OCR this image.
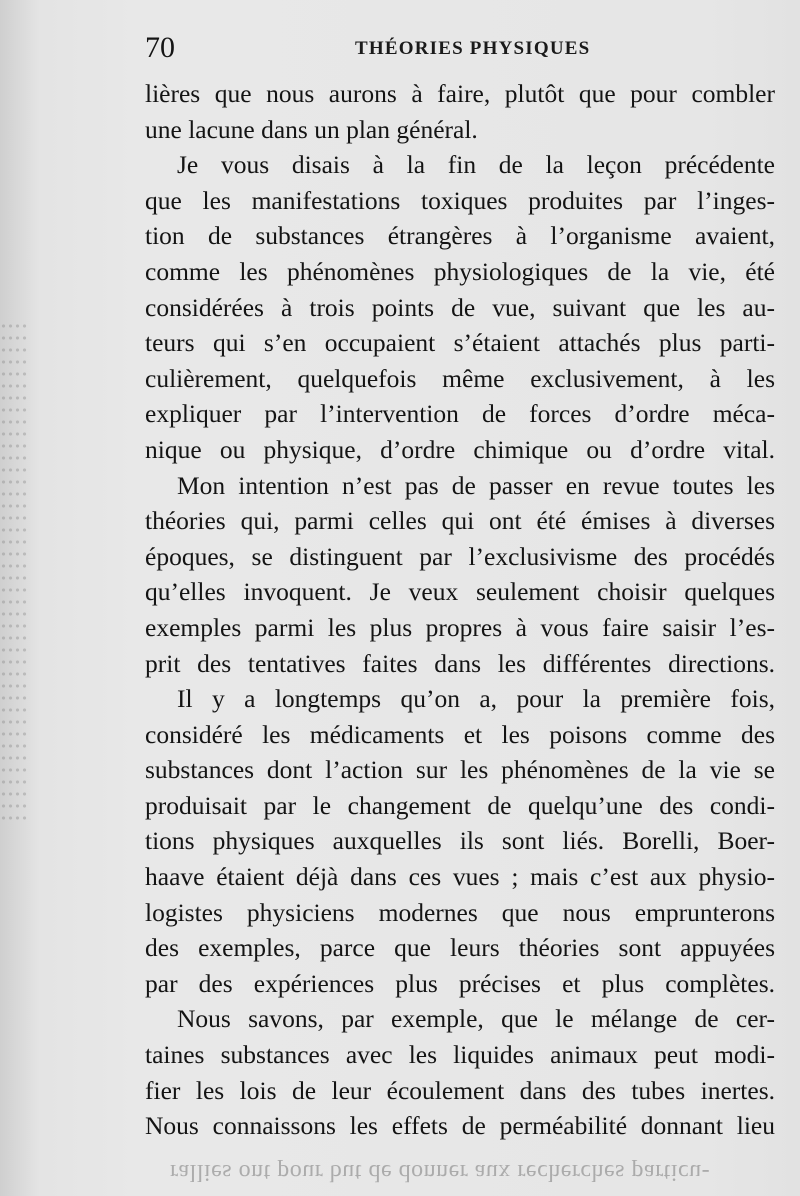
70	THÉORIES PHYSIQUES
lières que nous aurons à faire, plutôt que pour combler
une lacune dans un plan général.
Je vous disais à la fin de la leçon précédente
que les manifestations toxiques produites par l’inges-
tion de substances étrangères à l’organisme avaient,
comme les phénomènes physiologiques de la vie, été
considérées à trois points de vue, suivant que les au-
teurs qui s’en occupaient s’étaient attachés plus parti-
culièrement, quelquefois même exclusivement, à les
expliquer par l’intervention de forces d’ordre méca-
nique ou physique, d’ordre chimique ou d’ordre vital.
Mon intention n’est pas de passer en revue toutes les
théories qui, parmi celles qui ont été émises à diverses
époques, se distinguent par l’exclusivisme des procédés
qu’elles invoquent. Je veux seulement choisir quelques
exemples parmi les plus propres à vous faire saisir l’es-
prit des tentatives faites dans les différentes directions.
Il y a longtemps qu’on a, pour la première fois,
considéré les médicaments et les poisons comme des
substances dont l’action sur les phénomènes de la vie se
produisait par le changement de quelqu’une des condi-
tions physiques auxquelles ils sont liés. Borelli, Boer-
haave étaient déjà dans ces vues ; mais c’est aux physio-
logistes physiciens modernes que nous emprunterons
des exemples, parce que leurs théories sont appuyées
par des expériences plus précises et plus complètes.
Nous savons, par exemple, que le mélange de cer-
taines substances avec les liquides animaux peut modi-
fier les lois de leur écoulement dans des tubes inertes.
Nous connaissons les effets de perméabilité donnant lieu
rallies ont pour but de donner aux recherches particu-
